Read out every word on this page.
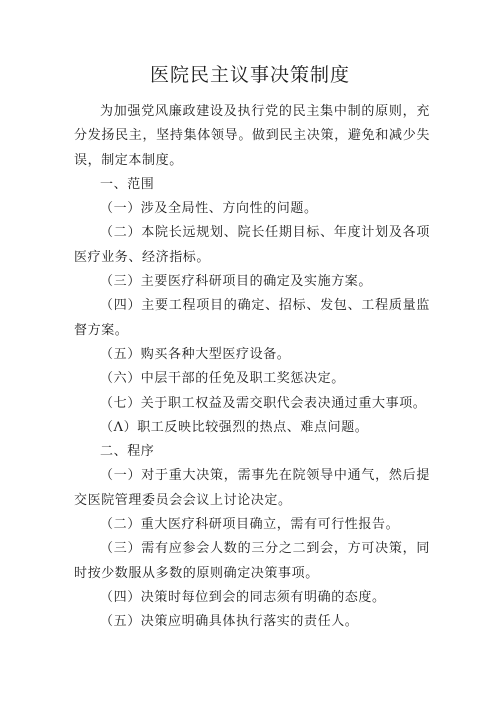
医院民主议事决策制度

为加强党风廉政建设及执行党的民主集中制的原则，充分发扬民主，坚持集体领导。做到民主决策，避免和减少失误，制定本制度。

一、范围

（一）涉及全局性、方向性的问题。

（二）本院长远规划、院长任期目标、年度计划及各项医疗业务、经济指标。

（三）主要医疗科研项目的确定及实施方案。

（四）主要工程项目的确定、招标、发包、工程质量监督方案。

（五）购买各种大型医疗设备。

（六）中层干部的任免及职工奖惩决定。

（七）关于职工权益及需交职代会表决通过重大事项。

（Λ）职工反映比较强烈的热点、难点问题。

二、程序

（一）对于重大决策，需事先在院领导中通气，然后提交医院管理委员会会议上讨论决定。

（二）重大医疗科研项目确立，需有可行性报告。

（三）需有应参会人数的三分之二到会，方可决策，同时按少数服从多数的原则确定决策事项。

（四）决策时每位到会的同志须有明确的态度。

（五）决策应明确具体执行落实的责任人。
